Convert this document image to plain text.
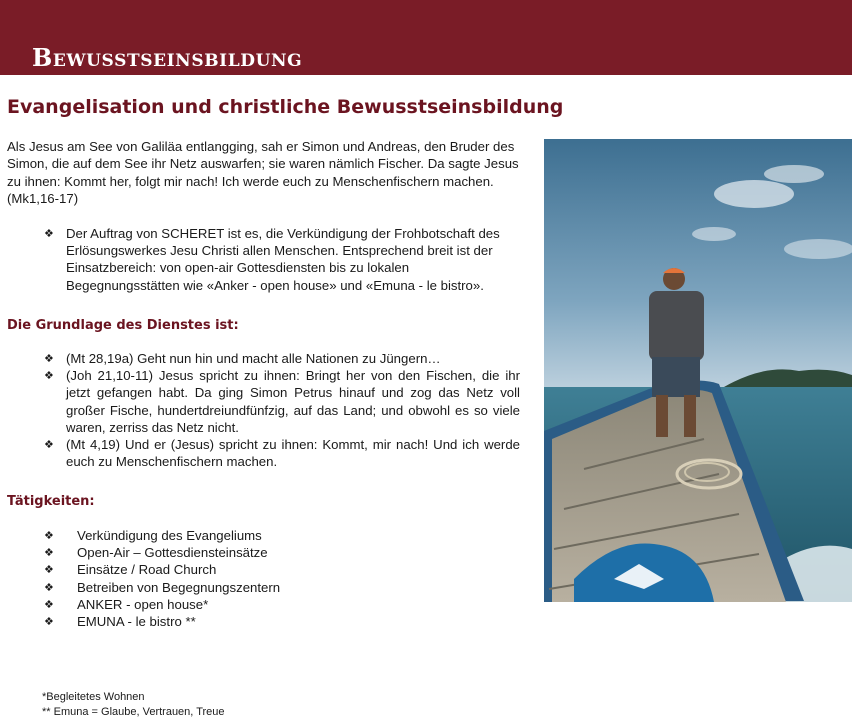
Bewusstseinsbildung
Evangelisation und christliche Bewusstseinsbildung

Als Jesus am See von Galiläa entlangging, sah er Simon und Andreas, den Bruder des Simon, die auf dem See ihr Netz auswarfen; sie waren nämlich Fischer. Da sagte Jesus zu ihnen: Kommt her, folgt mir nach! Ich werde euch zu Menschenfischern machen. (Mk1,16-17)

❖ Der Auftrag von SCHERET ist es, die Verkündigung der Frohbotschaft des Erlösungswerkes Jesu Christi allen Menschen. Entsprechend breit ist der Einsatzbereich: von open-air Gottesdiensten bis zu lokalen Begegnungsstätten wie «Anker - open house» und «Emuna - le bistro».
Die Grundlage des Dienstes ist:
❖ (Mt 28,19a) Geht nun hin und macht alle Nationen zu Jüngern…
❖ (Joh 21,10-11) Jesus spricht zu ihnen: Bringt her von den Fischen, die ihr jetzt gefangen habt. Da ging Simon Petrus hinauf und zog das Netz voll großer Fische, hundertdreiundfünfzig, auf das Land; und obwohl es so viele waren, zerriss das Netz nicht.
❖ (Mt 4,19) Und er (Jesus) spricht zu ihnen: Kommt, mir nach! Und ich werde euch zu Menschenfischern machen.
Tätigkeiten:
❖ Verkündigung des Evangeliums
❖ Open-Air – Gottesdiensteinsätze
❖ Einsätze / Road Church
❖ Betreiben von Begegnungszentern
❖ ANKER - open house*
❖ EMUNA - le bistro **
*Begleitetes Wohnen
** Emuna = Glaube, Vertrauen, Treue
